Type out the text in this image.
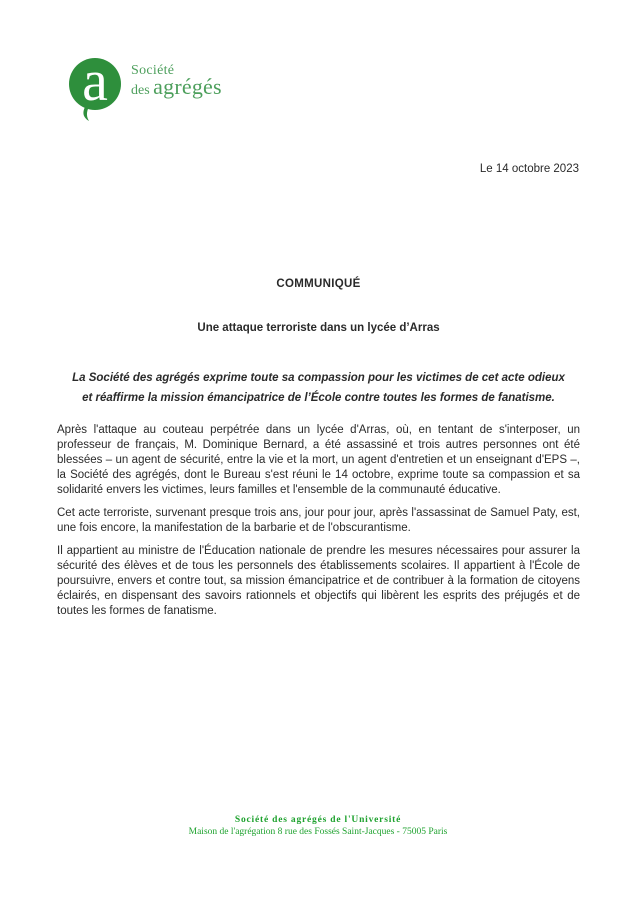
a Société
des agrégés
Le 14 octobre 2023
COMMUNIQUÉ
Une attaque terroriste dans un lycée d’Arras
La Société des agrégés exprime toute sa compassion pour les victimes de cet acte odieux
et réaffirme la mission émancipatrice de l’École contre toutes les formes de fanatisme.

Après l'attaque au couteau perpétrée dans un lycée d'Arras, où, en tentant de s'interposer, un professeur de français, M. Dominique Bernard, a été assassiné et trois autres personnes ont été blessées – un agent de sécurité, entre la vie et la mort, un agent d'entretien et un enseignant d'EPS –, la Société des agrégés, dont le Bureau s'est réuni le 14 octobre, exprime toute sa compassion et sa solidarité envers les victimes, leurs familles et l'ensemble de la communauté éducative.

Cet acte terroriste, survenant presque trois ans, jour pour jour, après l'assassinat de Samuel Paty, est, une fois encore, la manifestation de la barbarie et de l'obscurantisme.

Il appartient au ministre de l'Éducation nationale de prendre les mesures nécessaires pour assurer la sécurité des élèves et de tous les personnels des établissements scolaires. Il appartient à l'École de poursuivre, envers et contre tout, sa mission émancipatrice et de contribuer à la formation de citoyens éclairés, en dispensant des savoirs rationnels et objectifs qui libèrent les esprits des préjugés et de toutes les formes de fanatisme.

Société des agrégés de l'Université
Maison de l'agrégation 8 rue des Fossés Saint-Jacques - 75005 Paris
